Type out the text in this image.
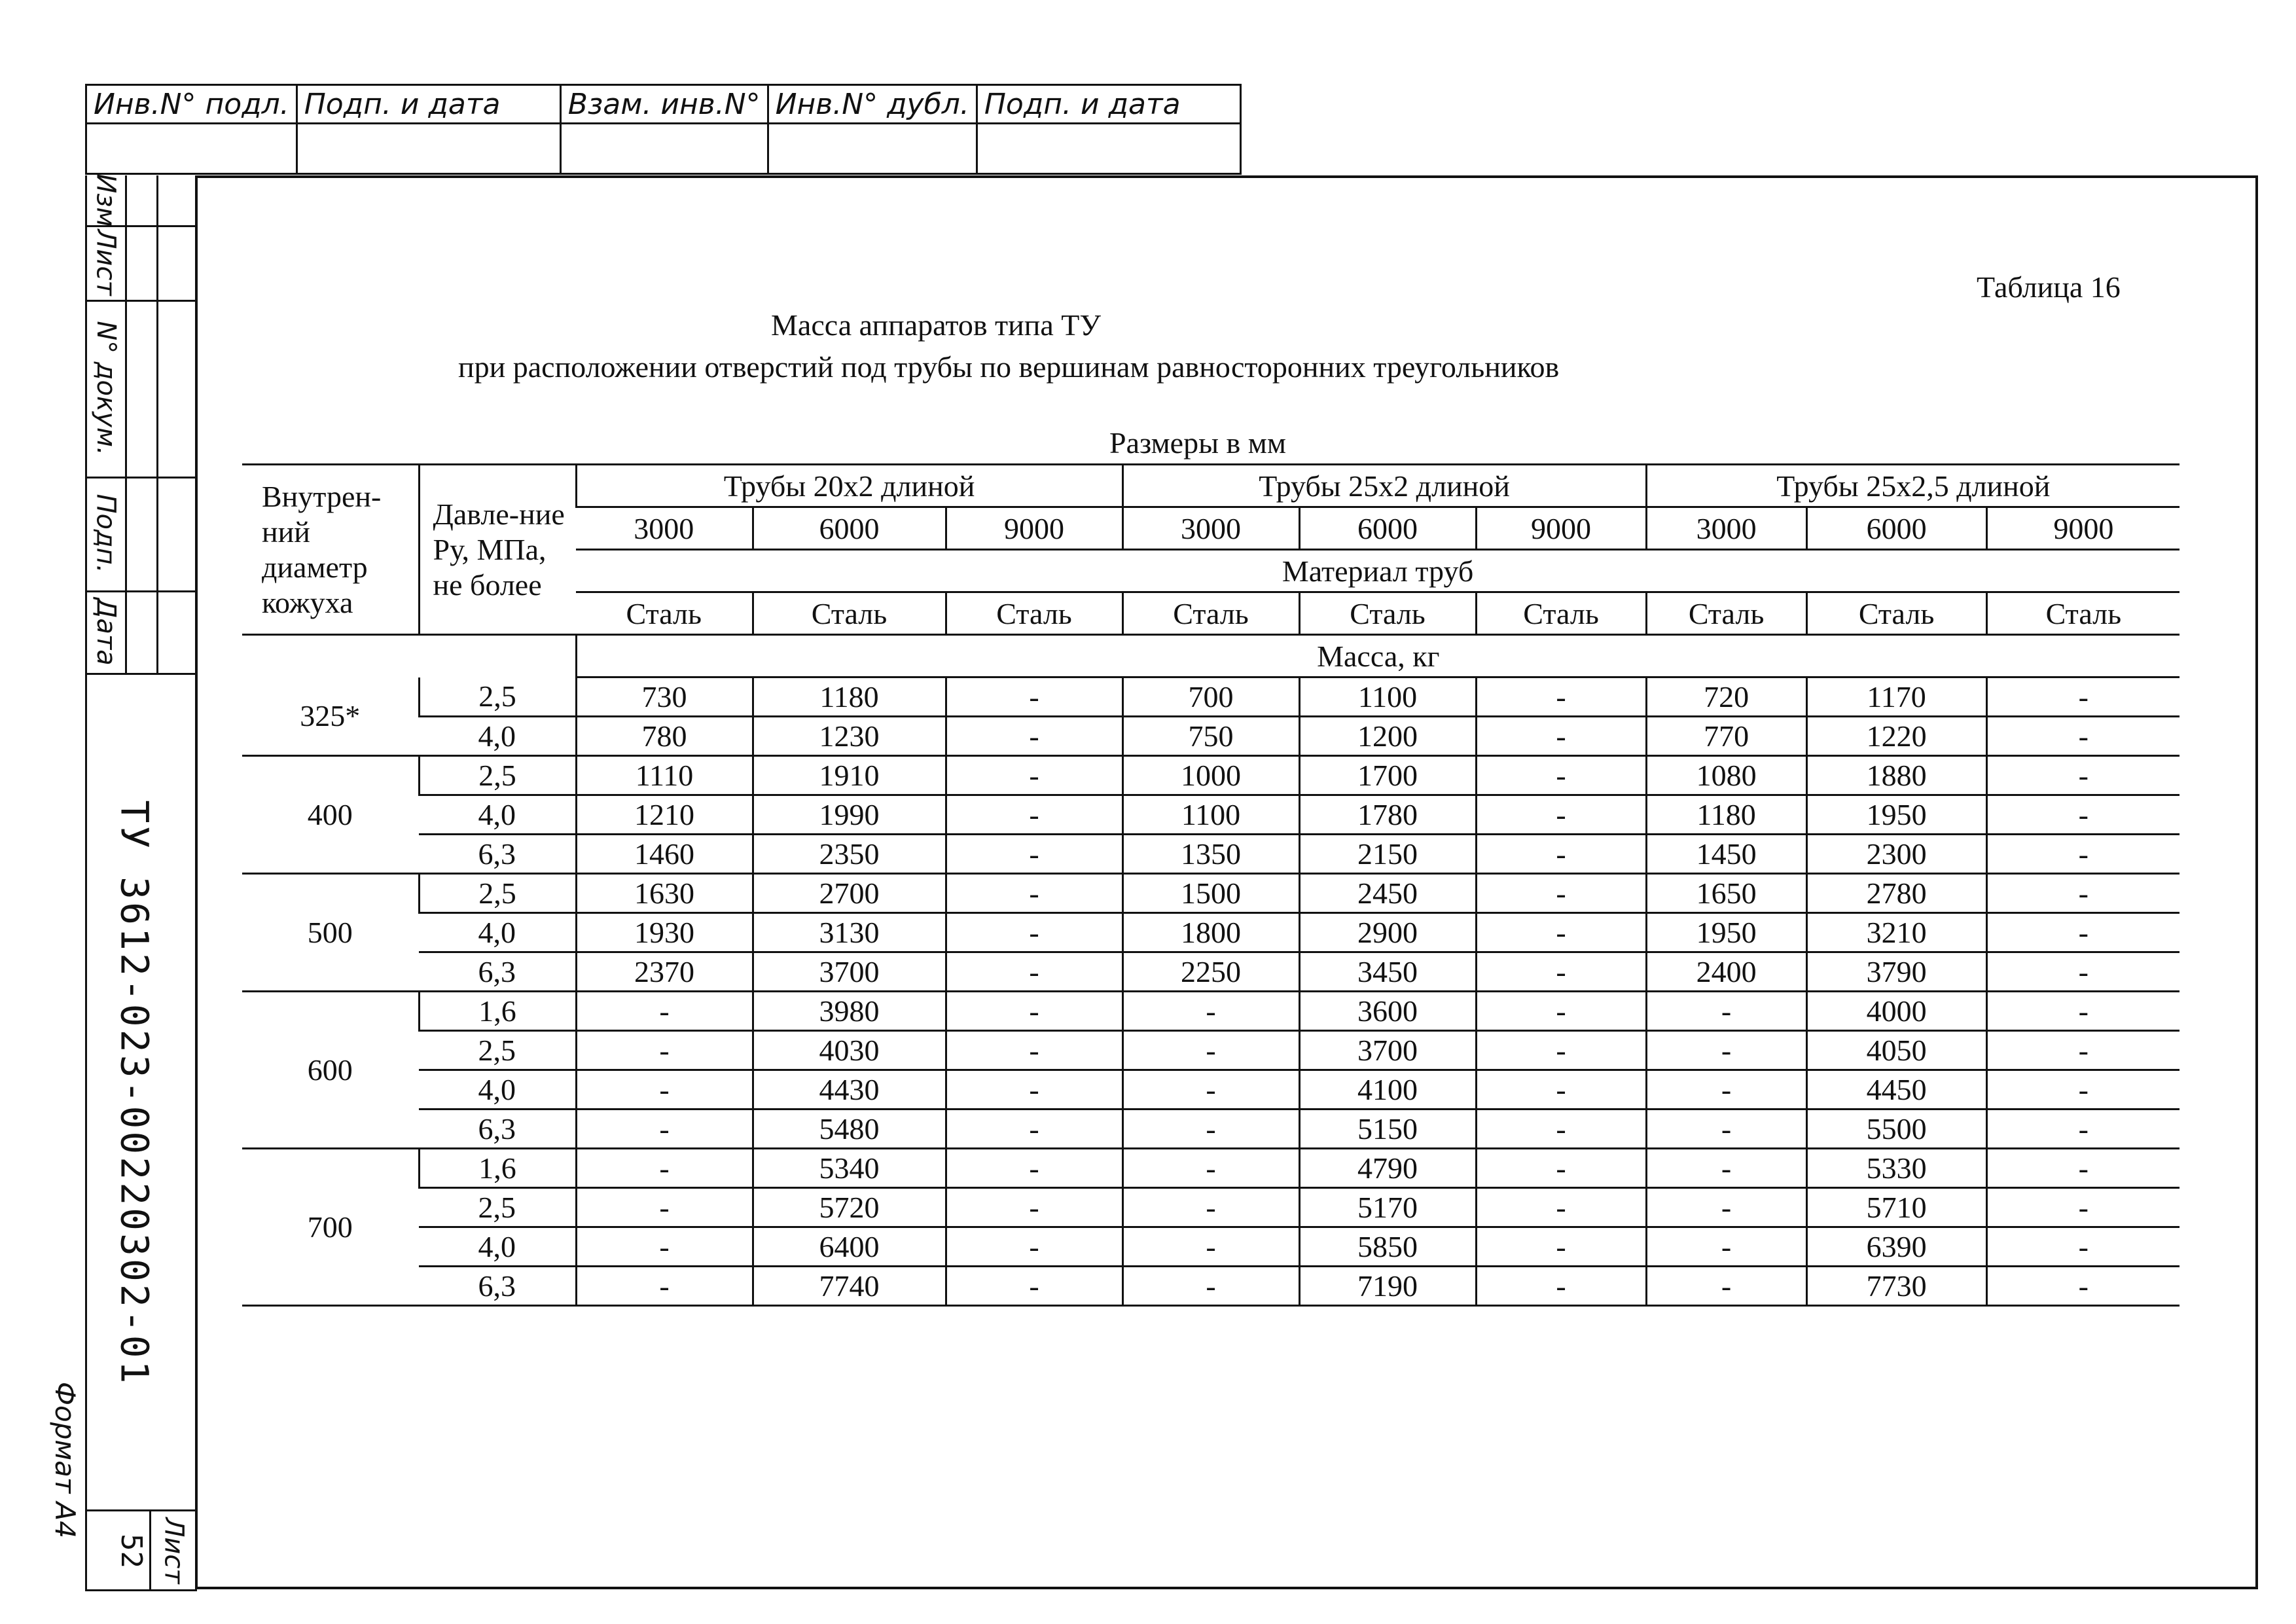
Инв.N° подл.	Подп. и дата	Взам. инв.N°	Инв.N° дубл.	Подп. и дата

Изм
Лист
N° докум.
Подп.
Дата
ТУ 3612-023-00220302-01
Формат А4
Лист
52
Таблица 16
Масса аппаратов типа ТУ
при расположении отверстий под трубы по вершинам равносторонних треугольников
Размеры в мм
Внутрен-ний диаметр кожуха	Давле-ние Ру, МПа, не более	Трубы 20х2 длиной			Трубы 25х2 длиной			Трубы 25х2,5 длиной		
		3000	6000	9000	3000	6000	9000	3000	6000	9000
		Материал труб								
		Сталь	Сталь	Сталь	Сталь	Сталь	Сталь	Сталь	Сталь	Сталь
		Масса, кг								
325*	2,5	730	1180	-	700	1100	-	720	1170	-
	4,0	780	1230	-	750	1200	-	770	1220	-
400	2,5	1110	1910	-	1000	1700	-	1080	1880	-
	4,0	1210	1990	-	1100	1780	-	1180	1950	-
	6,3	1460	2350	-	1350	2150	-	1450	2300	-
500	2,5	1630	2700	-	1500	2450	-	1650	2780	-
	4,0	1930	3130	-	1800	2900	-	1950	3210	-
	6,3	2370	3700	-	2250	3450	-	2400	3790	-
600	1,6	-	3980	-	-	3600	-	-	4000	-
	2,5	-	4030	-	-	3700	-	-	4050	-
	4,0	-	4430	-	-	4100	-	-	4450	-
	6,3	-	5480	-	-	5150	-	-	5500	-
700	1,6	-	5340	-	-	4790	-	-	5330	-
	2,5	-	5720	-	-	5170	-	-	5710	-
	4,0	-	6400	-	-	5850	-	-	6390	-
	6,3	-	7740	-	-	7190	-	-	7730	-
